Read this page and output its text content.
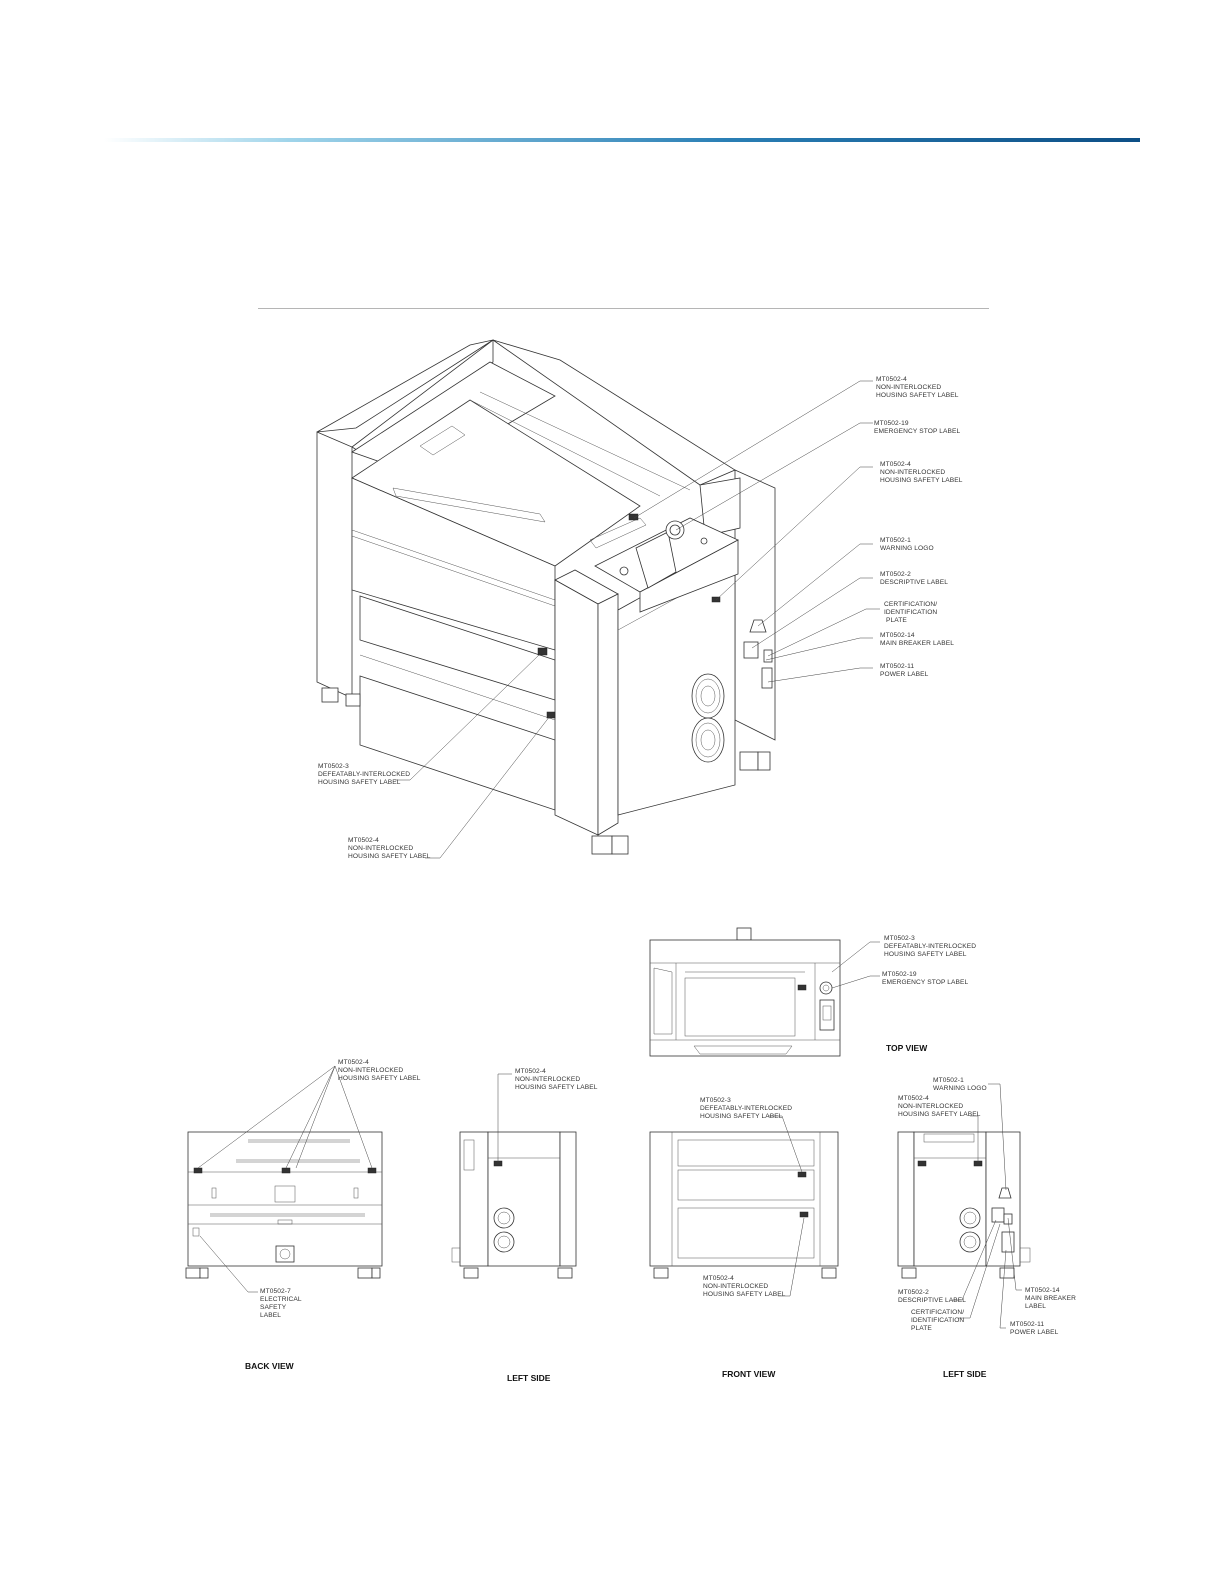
MT0502-4 NON-INTERLOCKED HOUSING SAFETY LABEL
MT0502-19 EMERGENCY STOP LABEL
MT0502-4 NON-INTERLOCKED HOUSING SAFETY LABEL
MT0502-1 WARNING LOGO
MT0502-2 DESCRIPTIVE LABEL
CERTIFICATION/ IDENTIFICATION PLATE
MT0502-14 MAIN BREAKER LABEL
MT0502-11 POWER LABEL
MT0502-3 DEFEATABLY-INTERLOCKED HOUSING SAFETY LABEL
MT0502-4 NON-INTERLOCKED HOUSING SAFETY LABEL
MT0502-3 DEFEATABLY-INTERLOCKED HOUSING SAFETY LABEL
MT0502-19 EMERGENCY STOP LABEL
TOP VIEW
MT0502-4 NON-INTERLOCKED HOUSING SAFETY LABEL
MT0502-7 ELECTRICAL SAFETY LABEL
BACK VIEW
MT0502-4 NON-INTERLOCKED HOUSING SAFETY LABEL
LEFT SIDE
MT0502-3 DEFEATABLY-INTERLOCKED HOUSING SAFETY LABEL
MT0502-4 NON-INTERLOCKED HOUSING SAFETY LABEL
FRONT VIEW
MT0502-1 WARNING LOGO
MT0502-4 NON-INTERLOCKED HOUSING SAFETY LABEL
MT0502-2 DESCRIPTIVE LABEL
CERTIFICATION/ IDENTIFICATION PLATE
MT0502-14 MAIN BREAKER LABEL
MT0502-11 POWER LABEL
LEFT SIDE
